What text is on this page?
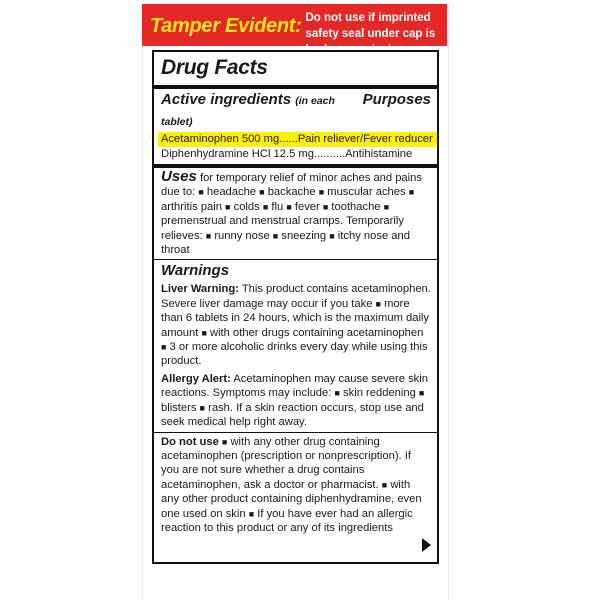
Tamper Evident: Do not use if imprinted safety seal under cap is broken or missing.
Drug Facts
Active ingredients (in each tablet)
Purposes
Acetaminophen 500 mg ...... Pain reliever/Fever reducer
Diphenhydramine HCl 12.5 mg .......... Antihistamine

Uses for temporary relief of minor aches and pains due to: ■ headache ■ backache ■ muscular aches ■ arthritis pain ■ colds ■ flu ■ fever ■ toothache ■ premenstrual and menstrual cramps. Temporarily relieves: ■ runny nose ■ sneezing ■ itchy nose and throat

Warnings

Liver Warning: This product contains acetaminophen. Severe liver damage may occur if you take ■ more than 6 tablets in 24 hours, which is the maximum daily amount ■ with other drugs containing acetaminophen ■ 3 or more alcoholic drinks every day while using this product.

Allergy Alert: Acetaminophen may cause severe skin reactions. Symptoms may include: ■ skin reddening ■ blisters ■ rash. If a skin reaction occurs, stop use and seek medical help right away.

Do not use ■ with any other drug containing acetaminophen (prescription or nonprescription). If you are not sure whether a drug contains acetaminophen, ask a doctor or pharmacist. ■ with any other product containing diphenhydramine, even one used on skin ■ If you have ever had an allergic reaction to this product or any of its ingredients
